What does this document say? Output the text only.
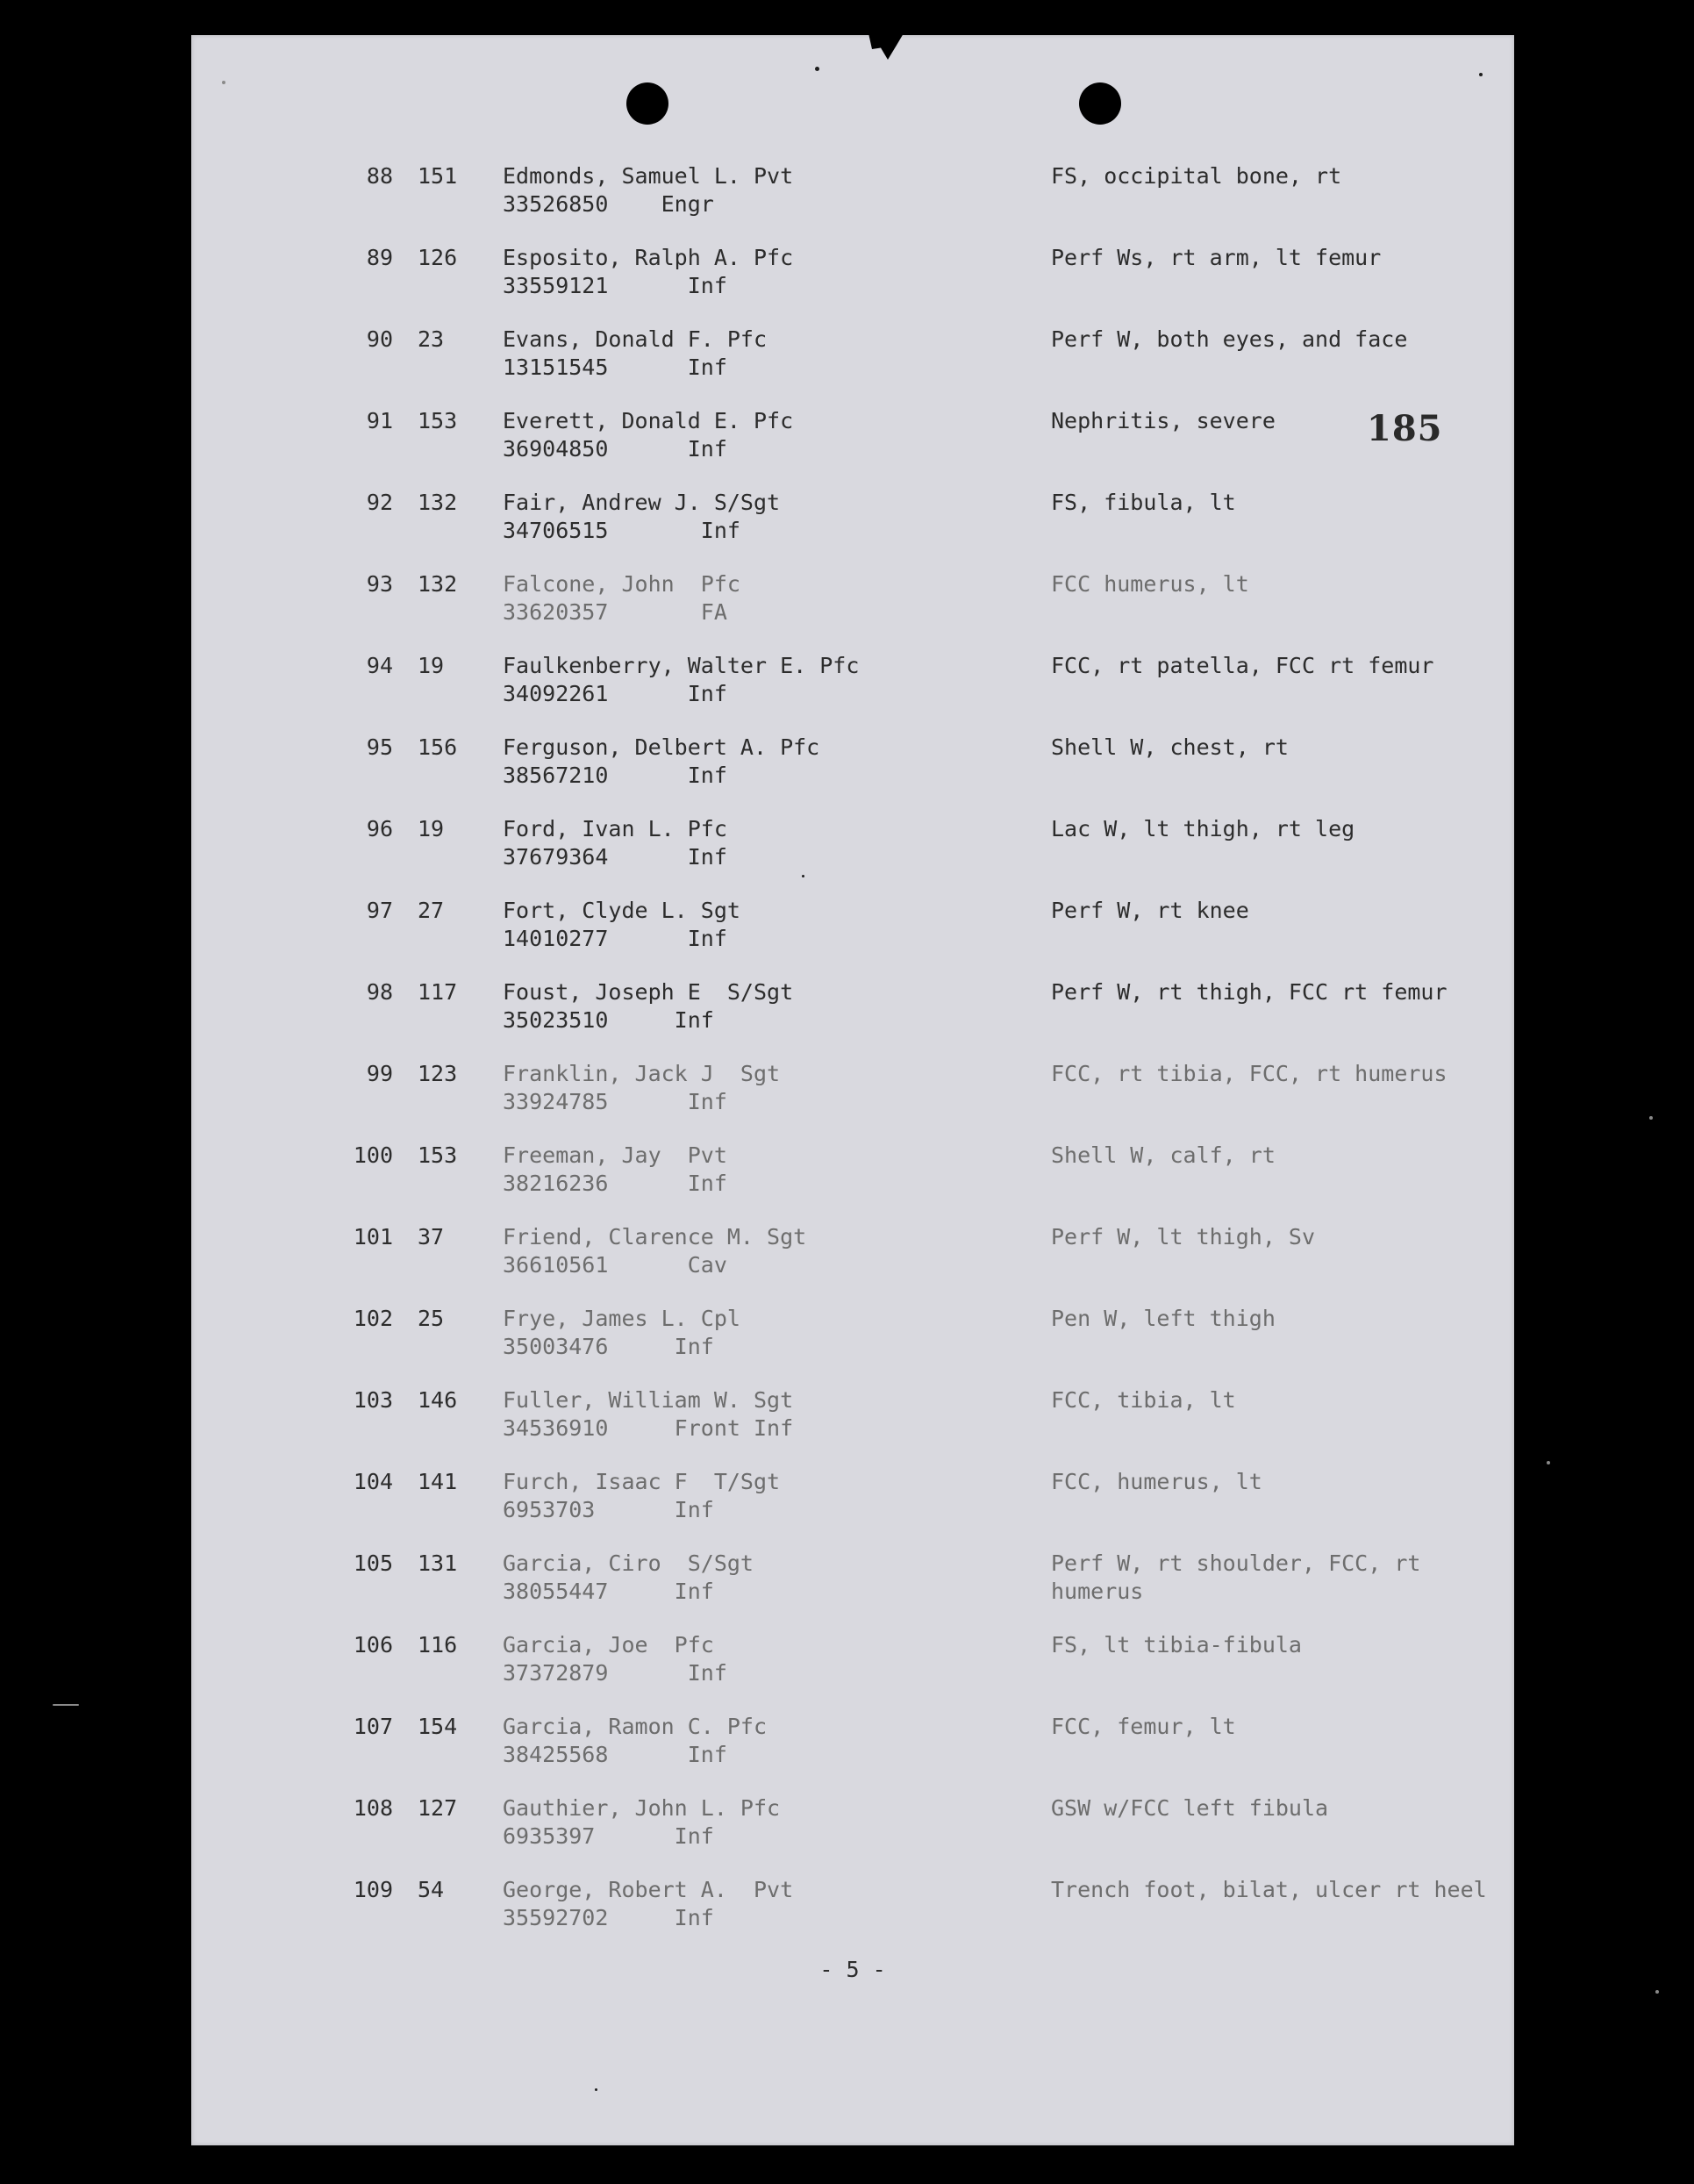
185
88 151 Edmonds, Samuel L. Pvt
33526850    Engr
FS, occipital bone, rt
89 126 Esposito, Ralph A. Pfc
33559121      Inf
Perf Ws, rt arm, lt femur
90 23	Evans, Donald F. Pfc
13151545      Inf
Perf W, both eyes, and face
91 153 Everett, Donald E. Pfc
36904850      Inf
Nephritis, severe
92 132 Fair, Andrew J. S/Sgt
34706515       Inf
FS, fibula, lt
93 132 Falcone, John  Pfc
33620357       FA
FCC humerus, lt
94 19	Faulkenberry, Walter E. Pfc
34092261      Inf
FCC, rt patella, FCC rt femur
95 156 Ferguson, Delbert A. Pfc
38567210      Inf
Shell W, chest, rt
96 19	Ford, Ivan L. Pfc
37679364      Inf
Lac W, lt thigh, rt leg
97 27	Fort, Clyde L. Sgt
14010277      Inf
Perf W, rt knee
98 117 Foust, Joseph E  S/Sgt
35023510     Inf
Perf W, rt thigh, FCC rt femur
99 123 Franklin, Jack J  Sgt
33924785      Inf
FCC, rt tibia, FCC, rt humerus
100 153 Freeman, Jay  Pvt
38216236      Inf
Shell W, calf, rt
101 37	Friend, Clarence M. Sgt
36610561      Cav
Perf W, lt thigh, Sv
102 25	Frye, James L. Cpl
35003476     Inf
Pen W, left thigh
103 146 Fuller, William W. Sgt
34536910     Front Inf
FCC, tibia, lt
104 141 Furch, Isaac F  T/Sgt
6953703      Inf
FCC, humerus, lt
105 131 Garcia, Ciro  S/Sgt
38055447     Inf
Perf W, rt shoulder, FCC, rt humerus
106 116 Garcia, Joe  Pfc
37372879      Inf
FS, lt tibia-fibula
107 154 Garcia, Ramon C. Pfc
38425568      Inf
FCC, femur, lt
108 127 Gauthier, John L. Pfc
6935397      Inf
GSW w/FCC left fibula
109 54	George, Robert A.  Pvt
35592702     Inf
Trench foot, bilat, ulcer rt heel
- 5 -
